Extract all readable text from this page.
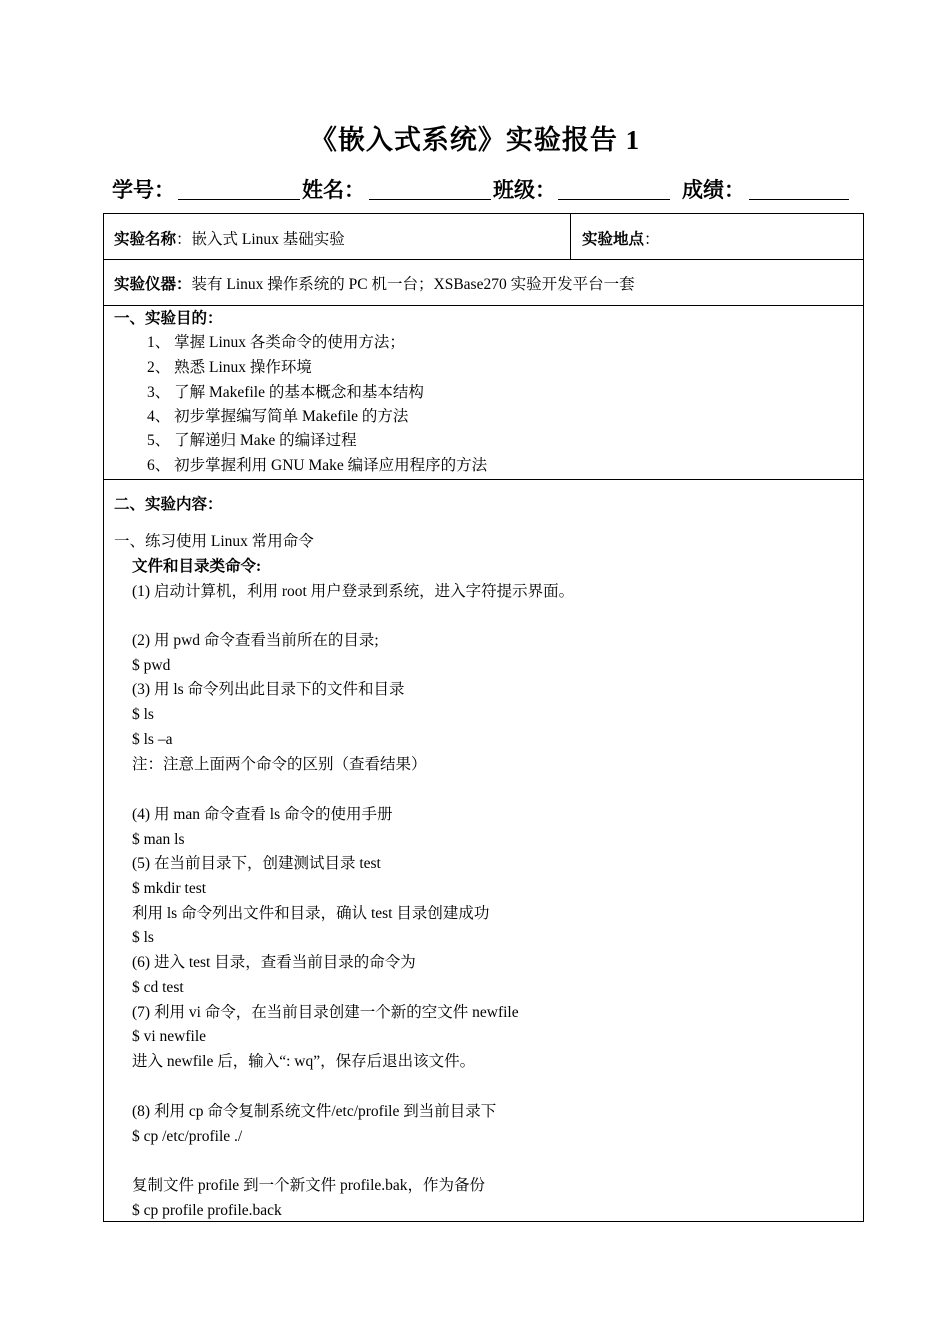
《嵌入式系统》实验报告 1
学号：	姓名：	班级：	成绩：
实验名称：嵌入式 Linux 基础实验	实验地点：
实验仪器：装有 Linux 操作系统的 PC 机一台；XSBase270 实验开发平台一套
一、实验目的：
1、 掌握 Linux 各类命令的使用方法；
2、 熟悉 Linux 操作环境
3、 了解 Makefile 的基本概念和基本结构
4、 初步掌握编写简单 Makefile 的方法
5、 了解递归 Make 的编译过程
6、 初步掌握利用 GNU Make 编译应用程序的方法
二、实验内容：
一、练习使用 Linux 常用命令
文件和目录类命令:
(1) 启动计算机，利用 root 用户登录到系统，进入字符提示界面。
(2) 用 pwd 命令查看当前所在的目录;
$ pwd
(3) 用 ls 命令列出此目录下的文件和目录
$ ls
$ ls –a
注：注意上面两个命令的区别（查看结果）
(4) 用 man 命令查看 ls 命令的使用手册
$ man ls
(5) 在当前目录下，创建测试目录 test
$ mkdir test
利用 ls 命令列出文件和目录，确认 test 目录创建成功
$ ls
(6) 进入 test 目录，查看当前目录的命令为
$ cd test
(7) 利用 vi 命令，在当前目录创建一个新的空文件 newfile
$ vi newfile
进入 newfile 后，输入“: wq”，保存后退出该文件。
(8) 利用 cp 命令复制系统文件/etc/profile 到当前目录下
$ cp /etc/profile ./
复制文件 profile 到一个新文件 profile.bak，作为备份
$ cp profile profile.back
